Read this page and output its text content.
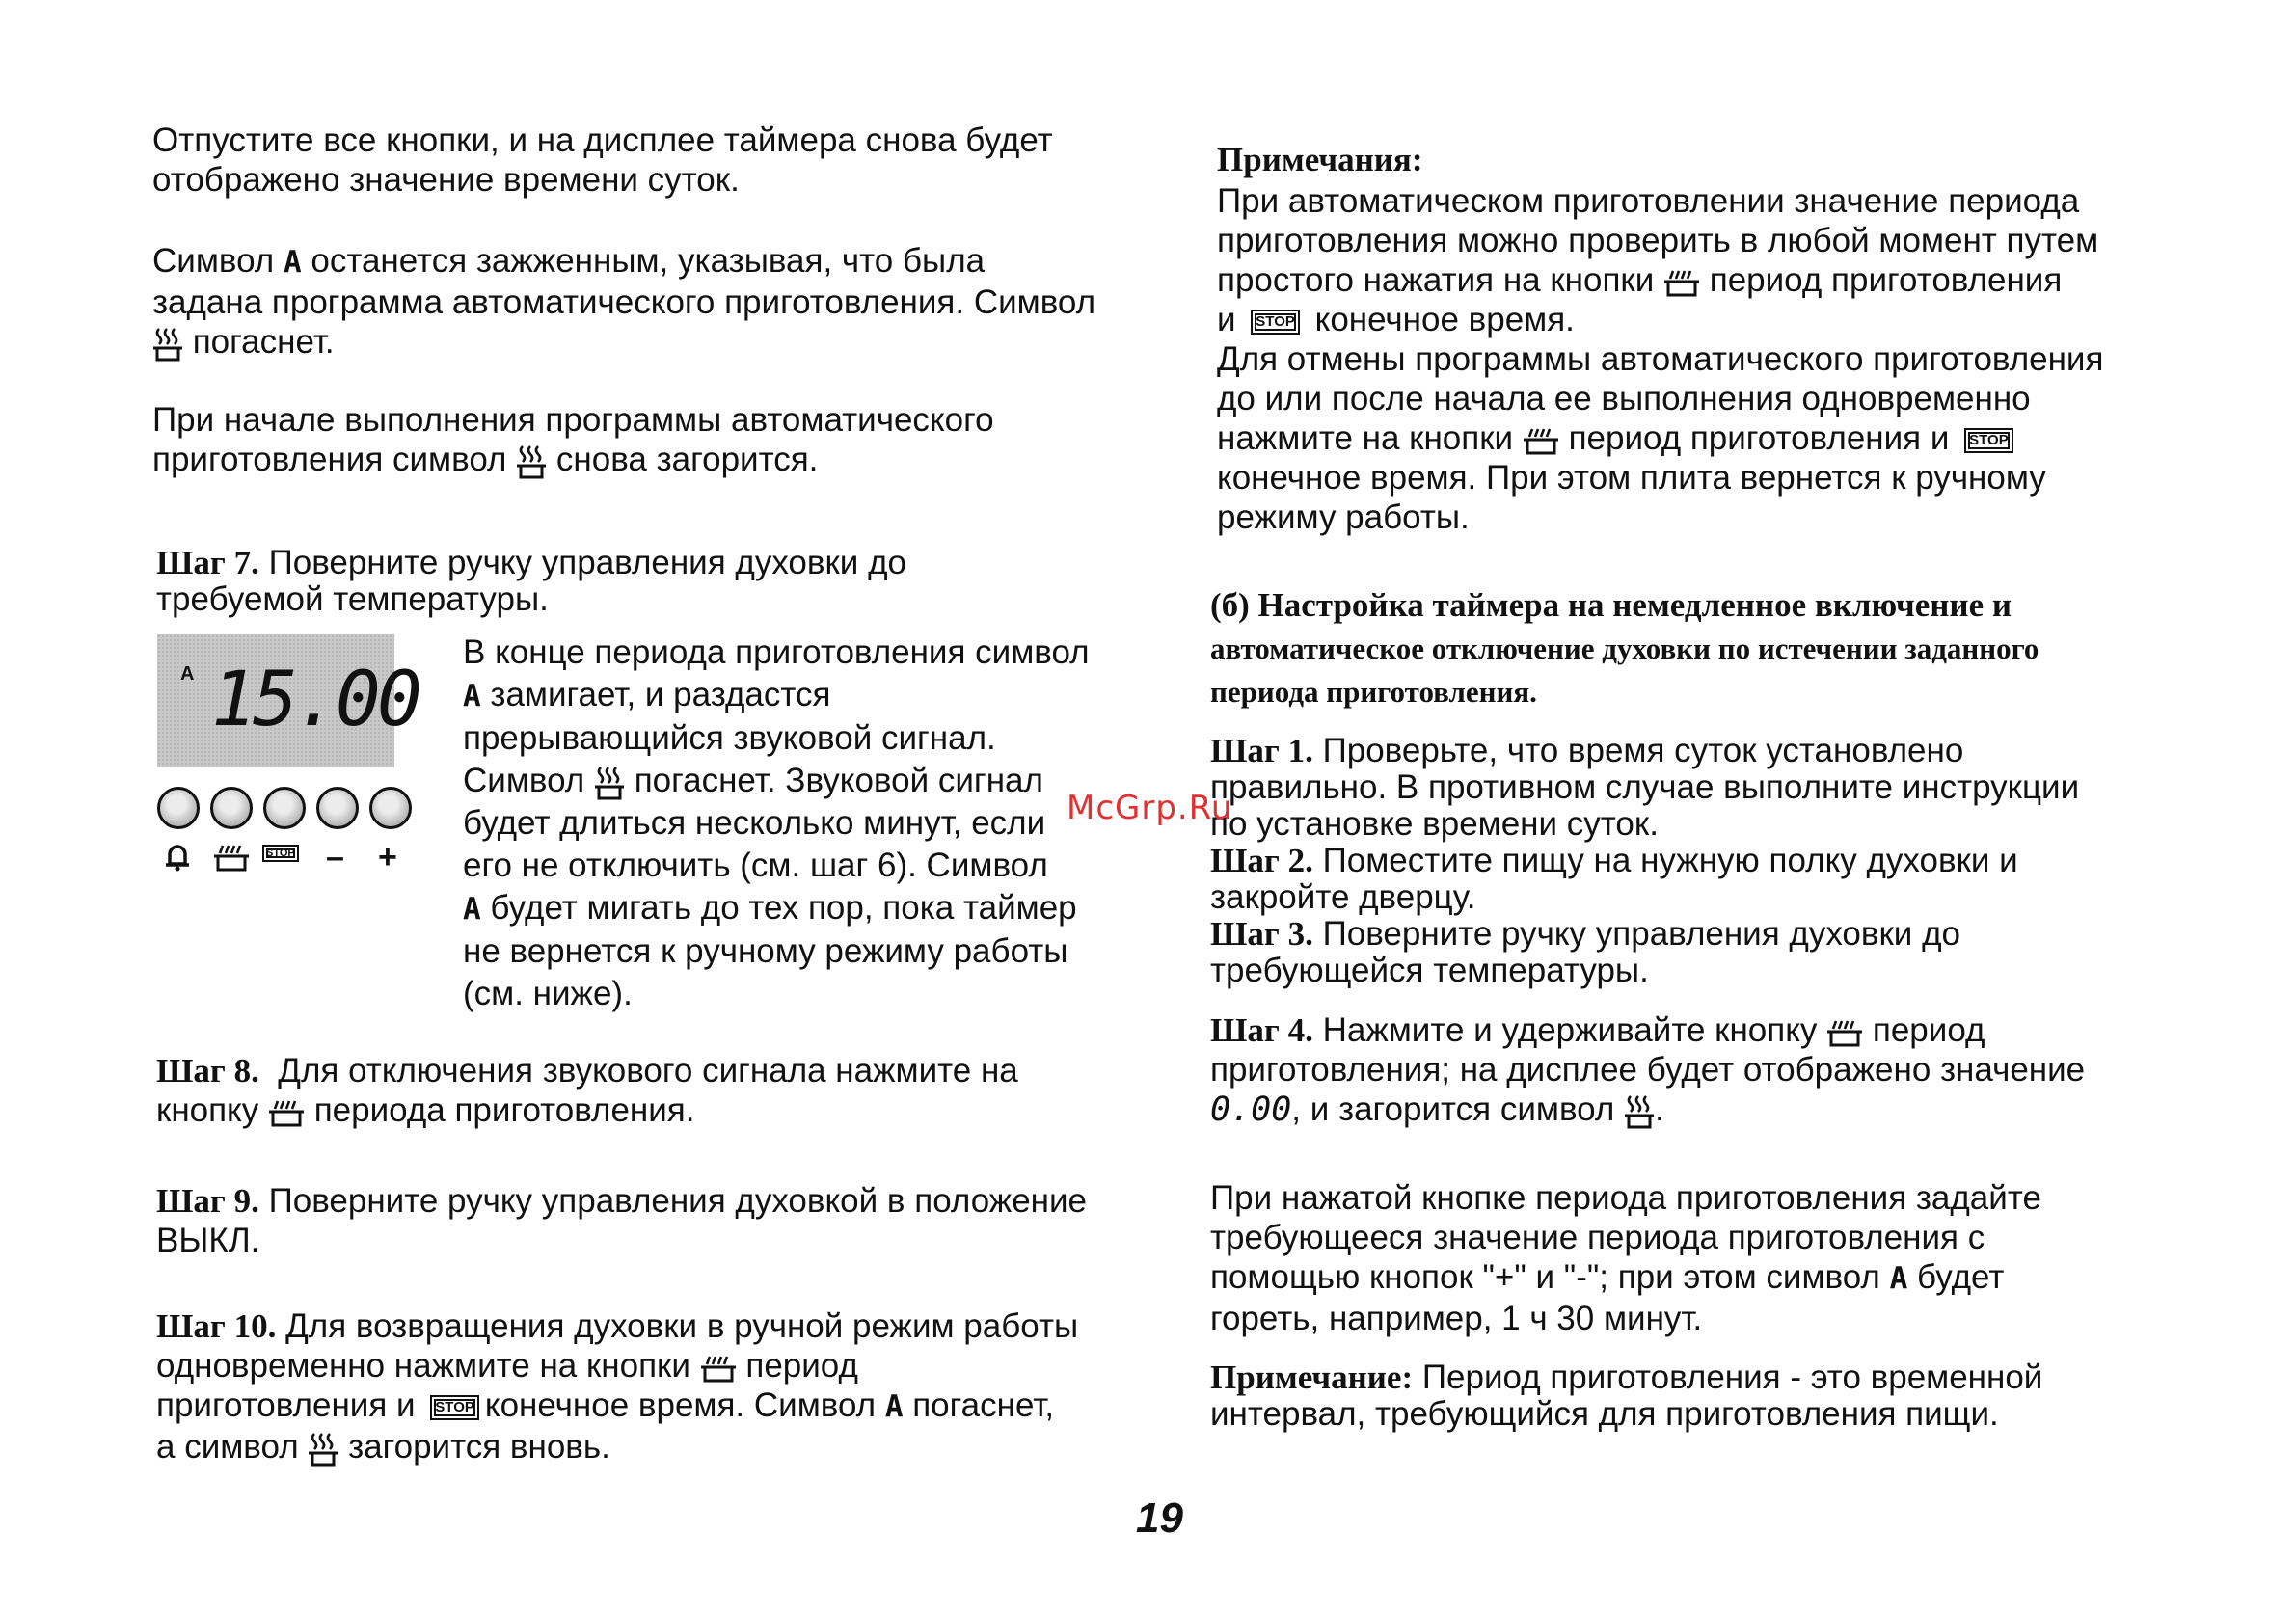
Отпустите все кнопки, и на дисплее таймера снова будет
отображено значение времени суток.

Символ A останется зажженным, указывая, что была
задана программа автоматического приготовления. Символ
погаснет.

При начале выполнения программы автоматического
приготовления символ снова загорится.

Шаг 7. Поверните ручку управления духовки до
требуемой температуры.

A 15.00
STOP – +

В конце периода приготовления символ
A замигает, и раздастся
прерывающийся звуковой сигнал.
Символ погаснет. Звуковой сигнал
будет длиться несколько минут, если
его не отключить (см. шаг 6). Символ
A будет мигать до тех пор, пока таймер
не вернется к ручному режиму работы
(см. ниже).

Шаг 8. Для отключения звукового сигнала нажмите на
кнопку периода приготовления.

Шаг 9. Поверните ручку управления духовкой в положение
ВЫКЛ.

Шаг 10. Для возвращения духовки в ручной режим работы
одновременно нажмите на кнопки период
приготовления и STOP конечное время. Символ A погаснет,
а символ загорится вновь.

Примечания:

При автоматическом приготовлении значение периода
приготовления можно проверить в любой момент путем
простого нажатия на кнопки период приготовления
и STOP конечное время.
Для отмены программы автоматического приготовления
до или после начала ее выполнения одновременно
нажмите на кнопки период приготовления и STOP
конечное время. При этом плита вернется к ручному
режиму работы.

(б) Настройка таймера на немедленное включение и
автоматическое отключение духовки по истечении заданного
периода приготовления.

Шаг 1. Проверьте, что время суток установлено
правильно. В противном случае выполните инструкции
по установке времени суток.
Шаг 2. Поместите пищу на нужную полку духовки и
закройте дверцу.
Шаг 3. Поверните ручку управления духовки до
требующейся температуры.

Шаг 4. Нажмите и удерживайте кнопку период
приготовления; на дисплее будет отображено значение
0.00, и загорится символ .

При нажатой кнопке периода приготовления задайте
требующееся значение периода приготовления с
помощью кнопок "+" и "-"; при этом символ A будет
гореть, например, 1 ч 30 минут.

Примечание: Период приготовления - это временной
интервал, требующийся для приготовления пищи.

McGrp.Ru
19
